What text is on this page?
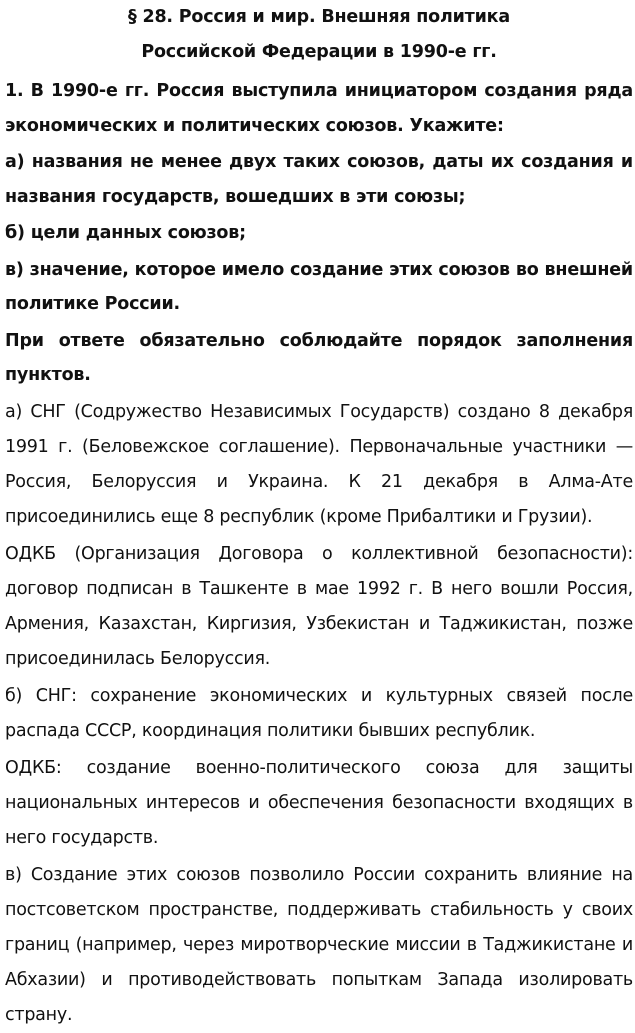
§ 28. Россия и мир. Внешняя политика
Российской Федерации в 1990-е гг.

1. В 1990-е гг. Россия выступила инициатором создания ряда экономических и политических союзов. Укажите:

а) названия не менее двух таких союзов, даты их создания и названия государств, вошедших в эти союзы;

б) цели данных союзов;

в) значение, которое имело создание этих союзов во внешней политике России.

При ответе обязательно соблюдайте порядок заполнения пунктов.

а) СНГ (Содружество Независимых Государств) создано 8 декабря 1991 г. (Беловежское соглашение). Первоначальные участники — Россия, Белоруссия и Украина. К 21 декабря в Алма-Ате присоединились еще 8 республик (кроме Прибалтики и Грузии).

ОДКБ (Организация Договора о коллективной безопасности): договор подписан в Ташкенте в мае 1992 г. В него вошли Россия, Армения, Казахстан, Киргизия, Узбекистан и Таджикистан, позже присоединилась Белоруссия.

б) СНГ: сохранение экономических и культурных связей после распада СССР, координация политики бывших республик.

ОДКБ: создание военно-политического союза для защиты национальных интересов и обеспечения безопасности входящих в него государств.

в) Создание этих союзов позволило России сохранить влияние на постсоветском пространстве, поддерживать стабильность у своих границ (например, через миротворческие миссии в Таджикистане и Абхазии) и противодействовать попыткам Запада изолировать страну.
